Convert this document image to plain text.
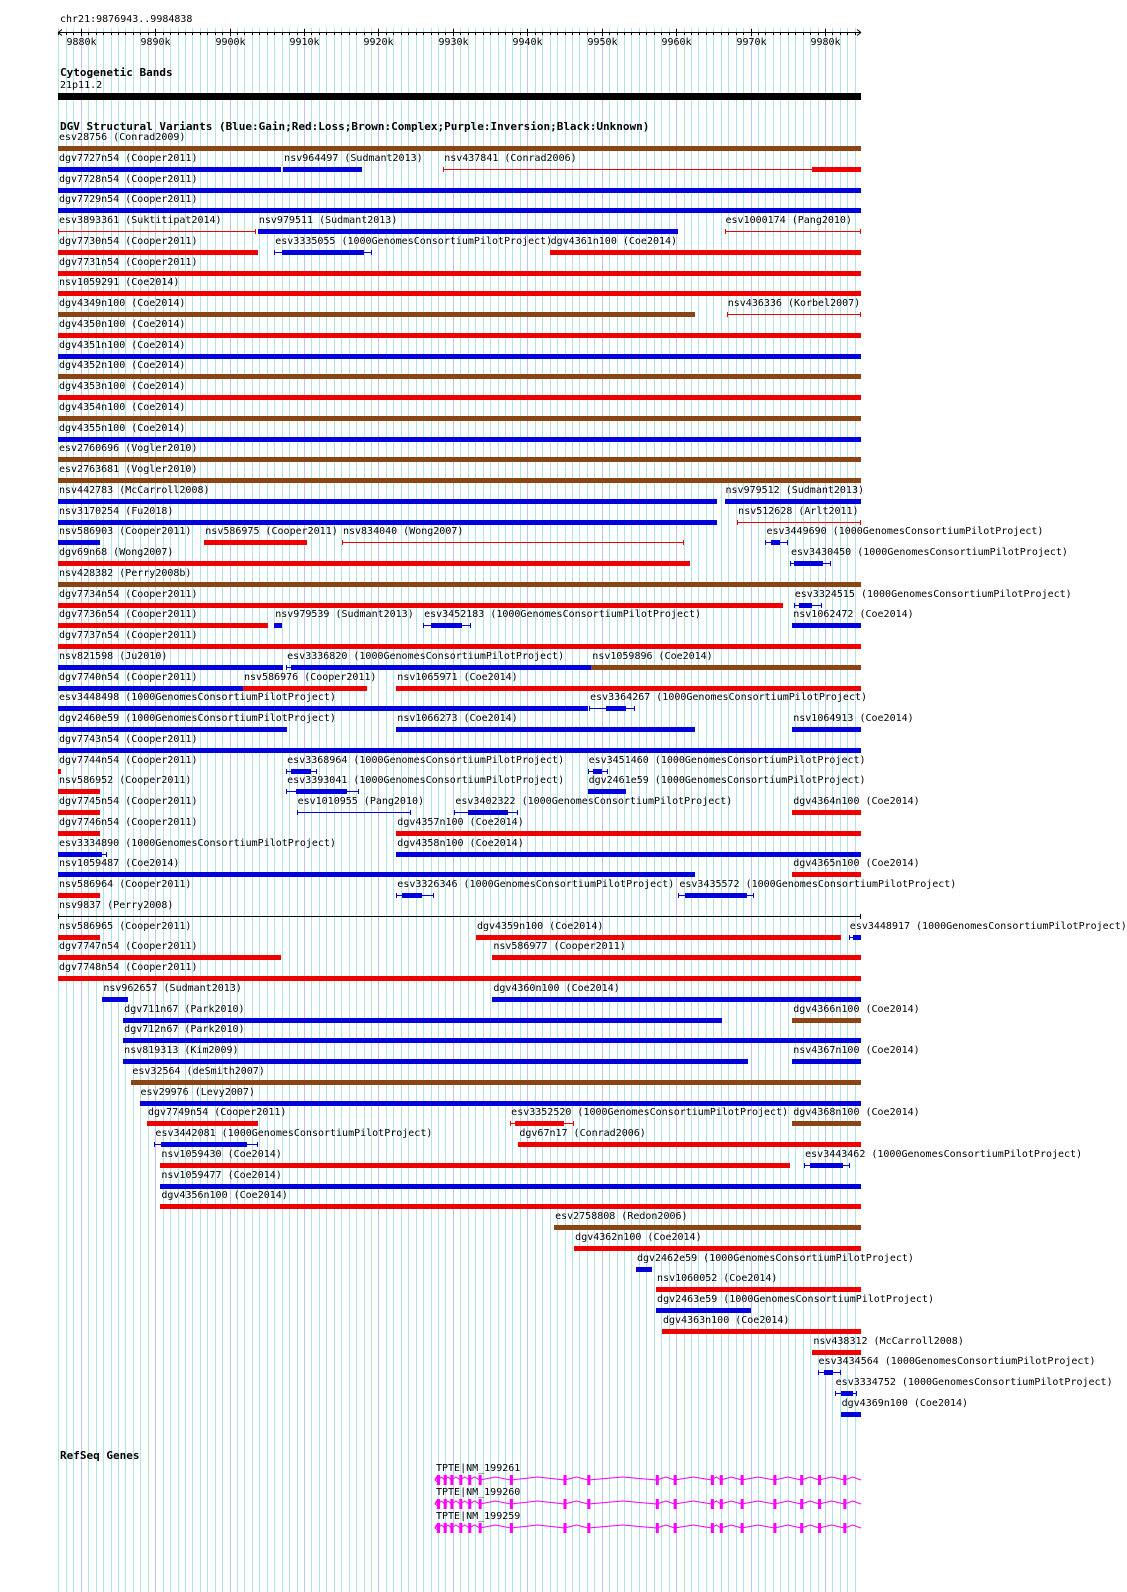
chr21:9876943..9984838
9880k	9890k	9900k	9910k	9920k	9930k	9940k	9950k	9960k	9970k	9980k
Cytogenetic Bands
21p11.2
DGV Structural Variants (Blue:Gain;Red:Loss;Brown:Complex;Purple:Inversion;Black:Unknown)
esv28756 (Conrad2009)
dgv7727n54 (Cooper2011)	nsv964497 (Sudmant2013) nsv437841 (Conrad2006)
dgv7728n54 (Cooper2011)
dgv7729n54 (Cooper2011)
esv3893361 (Suktitipat2014)	nsv979511 (Sudmant2013)	esv1000174 (Pang2010)
dgv7730n54 (Cooper2011)	esv3335055 (1000GenomesConsortiumPilotProject)
dgv4361n100 (Coe2014)
dgv7731n54 (Cooper2011)
nsv1059291 (Coe2014)
dgv4349n100 (Coe2014)	nsv436336 (Korbel2007)
dgv4350n100 (Coe2014)
dgv4351n100 (Coe2014)
dgv4352n100 (Coe2014)
dgv4353n100 (Coe2014)
dgv4354n100 (Coe2014)
dgv4355n100 (Coe2014)
esv2760696 (Vogler2010)
esv2763681 (Vogler2010)
nsv442783 (McCarroll2008)	nsv979512 (Sudmant2013)
nsv3170254 (Fu2018)	nsv512628 (Arlt2011)
nsv586903 (Cooper2011) nsv586975 (Cooper2011) nsv834040 (Wong2007)	esv3449690 (1000GenomesConsortiumPilotProject)
dgv69n68 (Wong2007)	esv3430450 (1000GenomesConsortiumPilotProject)
nsv428382 (Perry2008b)
dgv7734n54 (Cooper2011)	esv3324515 (1000GenomesConsortiumPilotProject)
dgv7736n54 (Cooper2011)	nsv979539 (Sudmant2013) esv3452183 (1000GenomesConsortiumPilotProject)	nsv1062472 (Coe2014)
dgv7737n54 (Cooper2011)
nsv821598 (Ju2010)	esv3336820 (1000GenomesConsortiumPilotProject)	nsv1059896 (Coe2014)
dgv7740n54 (Cooper2011)	nsv586976 (Cooper2011) nsv1065971 (Coe2014)
esv3448498 (1000GenomesConsortiumPilotProject)	esv3364267 (1000GenomesConsortiumPilotProject)
dgv2460e59 (1000GenomesConsortiumPilotProject)	nsv1066273 (Coe2014)	nsv1064913 (Coe2014)
dgv7743n54 (Cooper2011)
dgv7744n54 (Cooper2011)	esv3368964 (1000GenomesConsortiumPilotProject) esv3451460 (1000GenomesConsortiumPilotProject)
nsv586952 (Cooper2011)	esv3393041 (1000GenomesConsortiumPilotProject) dgv2461e59 (1000GenomesConsortiumPilotProject)
dgv7745n54 (Cooper2011)	esv1010955 (Pang2010)	esv3402322 (1000GenomesConsortiumPilotProject)	dgv4364n100 (Coe2014)
dgv7746n54 (Cooper2011)	dgv4357n100 (Coe2014)
esv3334890 (1000GenomesConsortiumPilotProject)	dgv4358n100 (Coe2014)
nsv1059487 (Coe2014)	dgv4365n100 (Coe2014)
nsv586964 (Cooper2011)	esv3326346 (1000GenomesConsortiumPilotProject) esv3435572 (1000GenomesConsortiumPilotProject)
nsv9837 (Perry2008)
nsv586965 (Cooper2011)	dgv4359n100 (Coe2014)	esv3448917 (1000GenomesConsortiumPilotProject)
dgv7747n54 (Cooper2011)	nsv586977 (Cooper2011)
dgv7748n54 (Cooper2011)
nsv962657 (Sudmant2013)	dgv4360n100 (Coe2014)
dgv711n67 (Park2010)	dgv4366n100 (Coe2014)
dgv712n67 (Park2010)
nsv819313 (Kim2009)	nsv4367n100 (Coe2014)
esv32564 (deSmith2007)
esv29976 (Levy2007)
dgv7749n54 (Cooper2011)	esv3352520 (1000GenomesConsortiumPilotProject) dgv4368n100 (Coe2014)
esv3442081 (1000GenomesConsortiumPilotProject)	dgv67n17 (Conrad2006)
nsv1059430 (Coe2014)	esv3443462 (1000GenomesConsortiumPilotProject)
nsv1059477 (Coe2014)
dgv4356n100 (Coe2014)
esv2758808 (Redon2006)
dgv4362n100 (Coe2014)
dgv2462e59 (1000GenomesConsortiumPilotProject)
nsv1060052 (Coe2014)
dgv2463e59 (1000GenomesConsortiumPilotProject)
dgv4363n100 (Coe2014)
nsv438312 (McCarroll2008)
esv3434564 (1000GenomesConsortiumPilotProject)
esv3334752 (1000GenomesConsortiumPilotProject)
dgv4369n100 (Coe2014)
RefSeq Genes
TPTE|NM_199261
TPTE|NM_199260
TPTE|NM_199259
